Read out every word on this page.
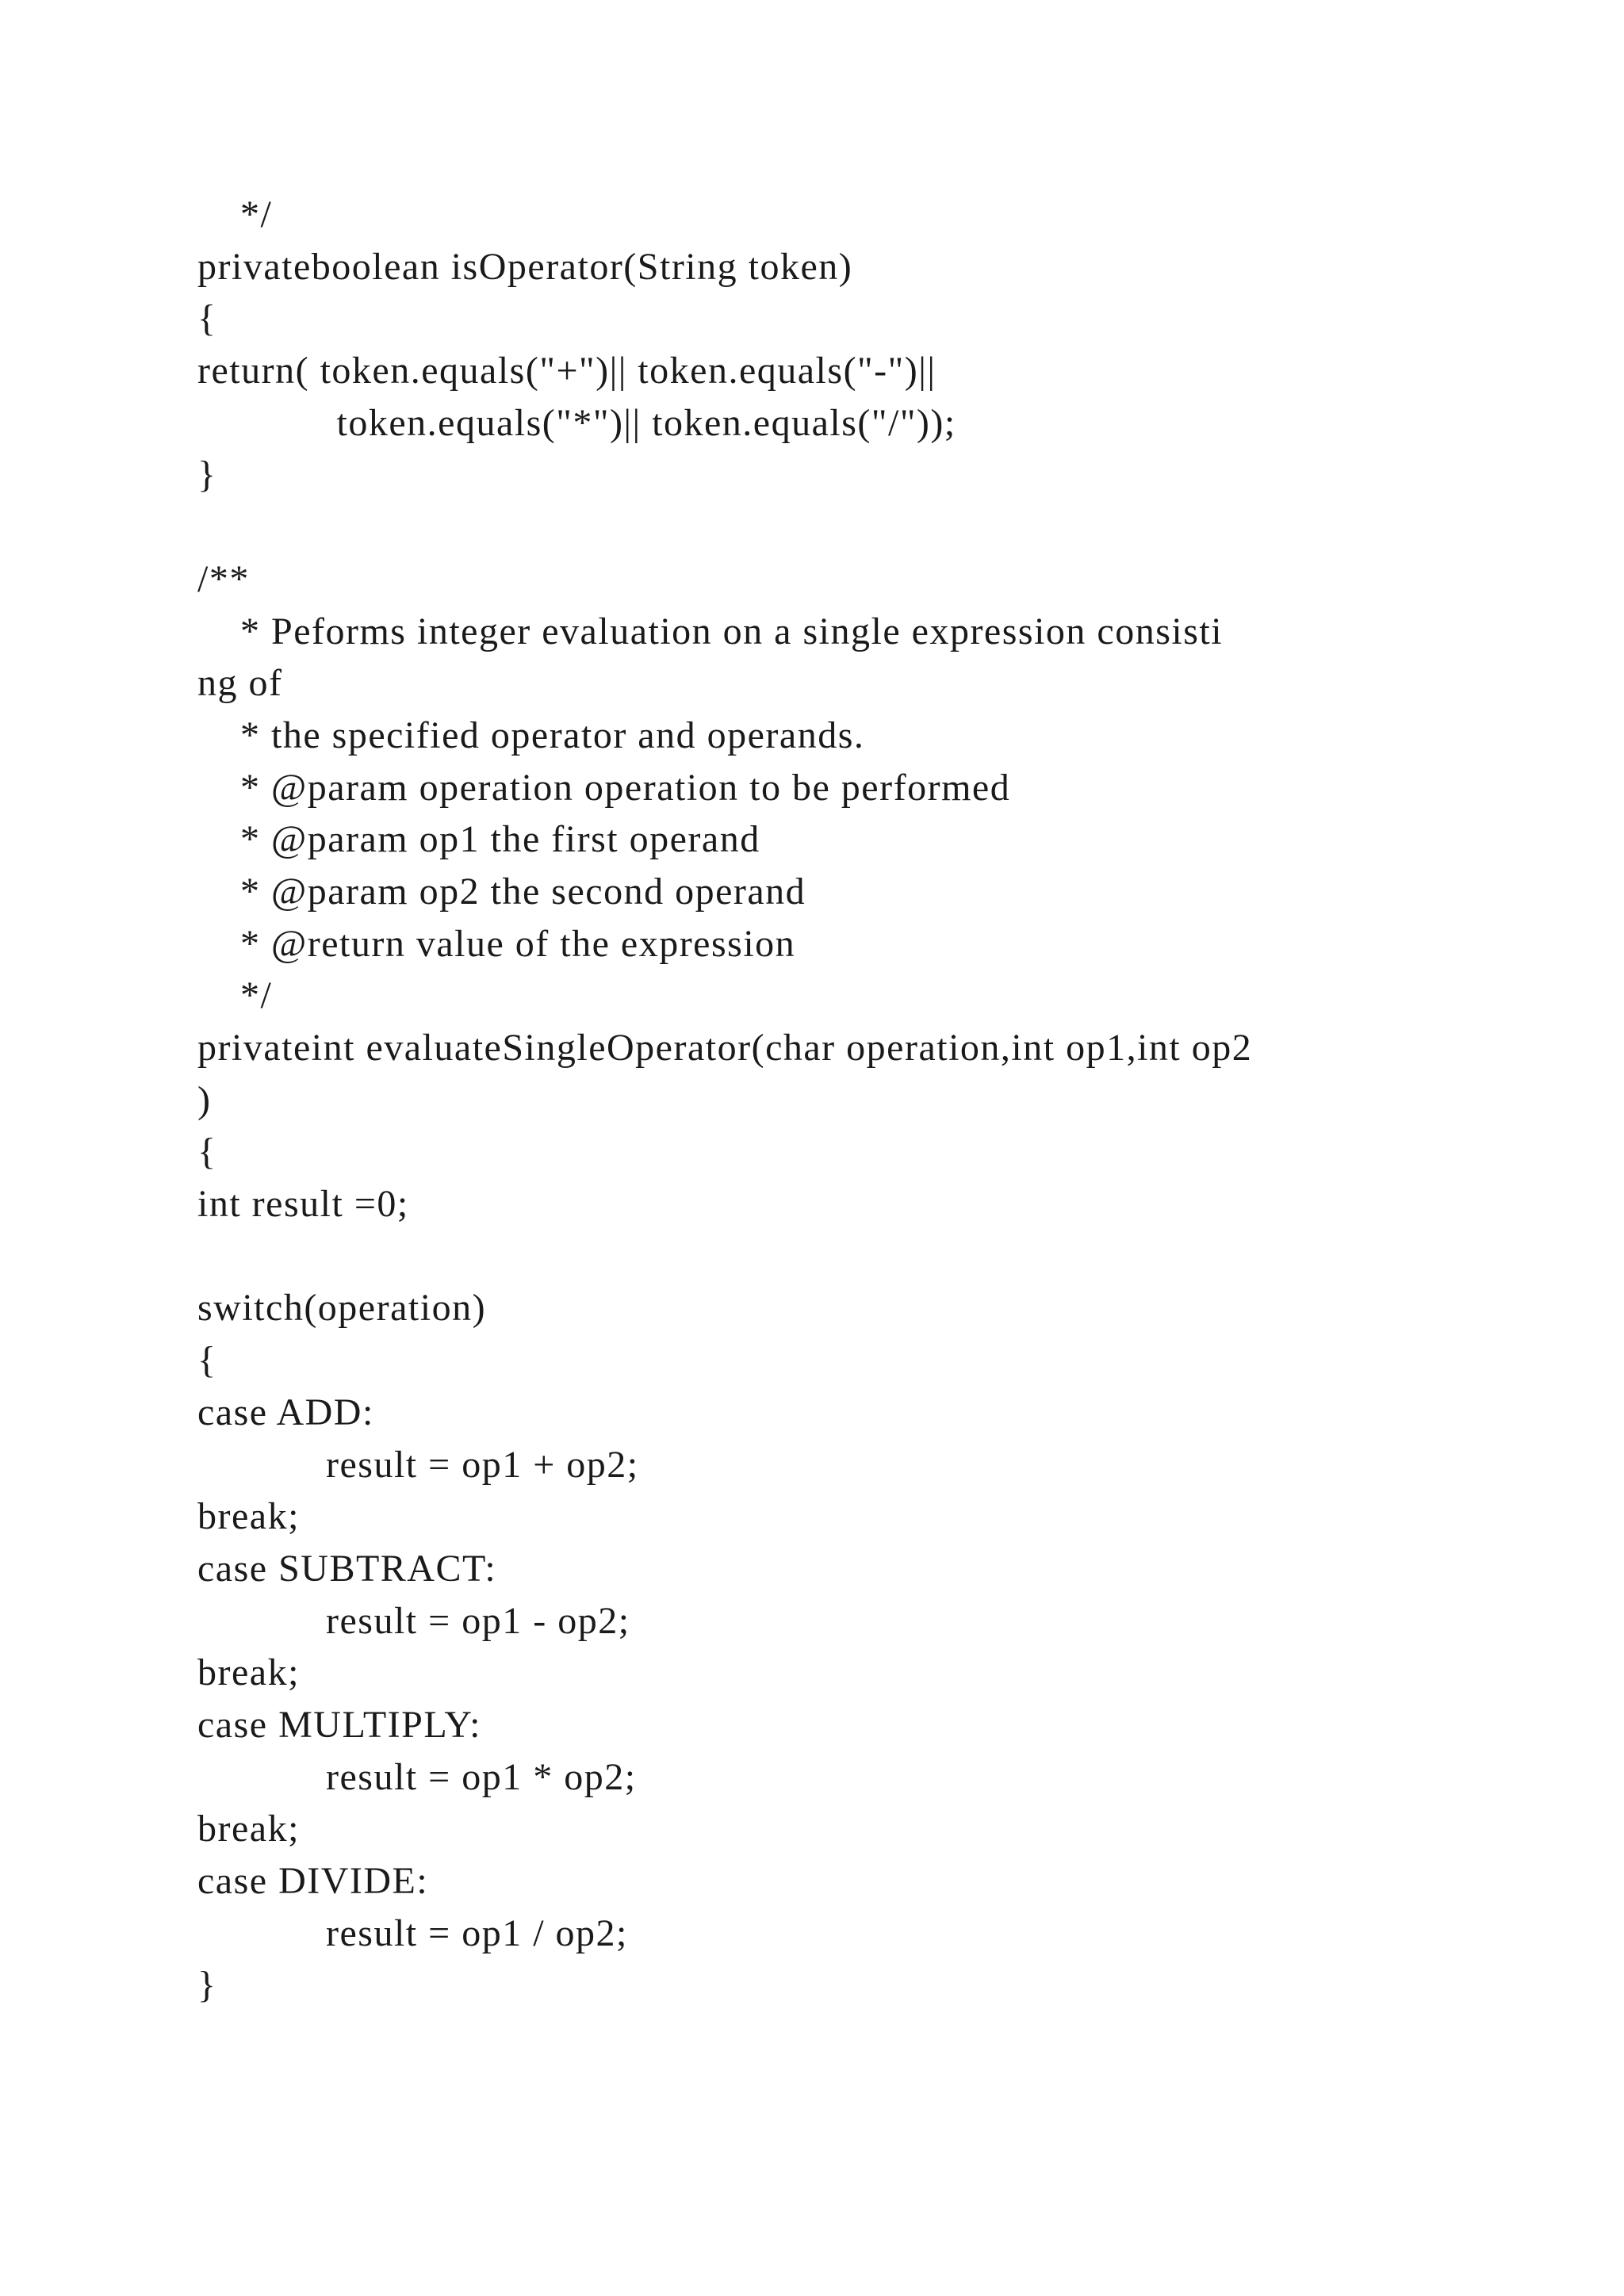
*/
privateboolean isOperator(String token)
{
return( token.equals("+")|| token.equals("-")||
token.equals("*")|| token.equals("/"));
}
/**
* Peforms integer evaluation on a single expression consisti
ng of
* the specified operator and operands.
* @param operation operation to be performed
* @param op1 the first operand
* @param op2 the second operand
* @return value of the expression
*/
privateint evaluateSingleOperator(char operation,int op1,int op2
)
{
int result =0;
switch(operation)
{
case ADD:
result = op1 + op2;
break;
case SUBTRACT:
result = op1 - op2;
break;
case MULTIPLY:
result = op1 * op2;
break;
case DIVIDE:
result = op1 / op2;
}
